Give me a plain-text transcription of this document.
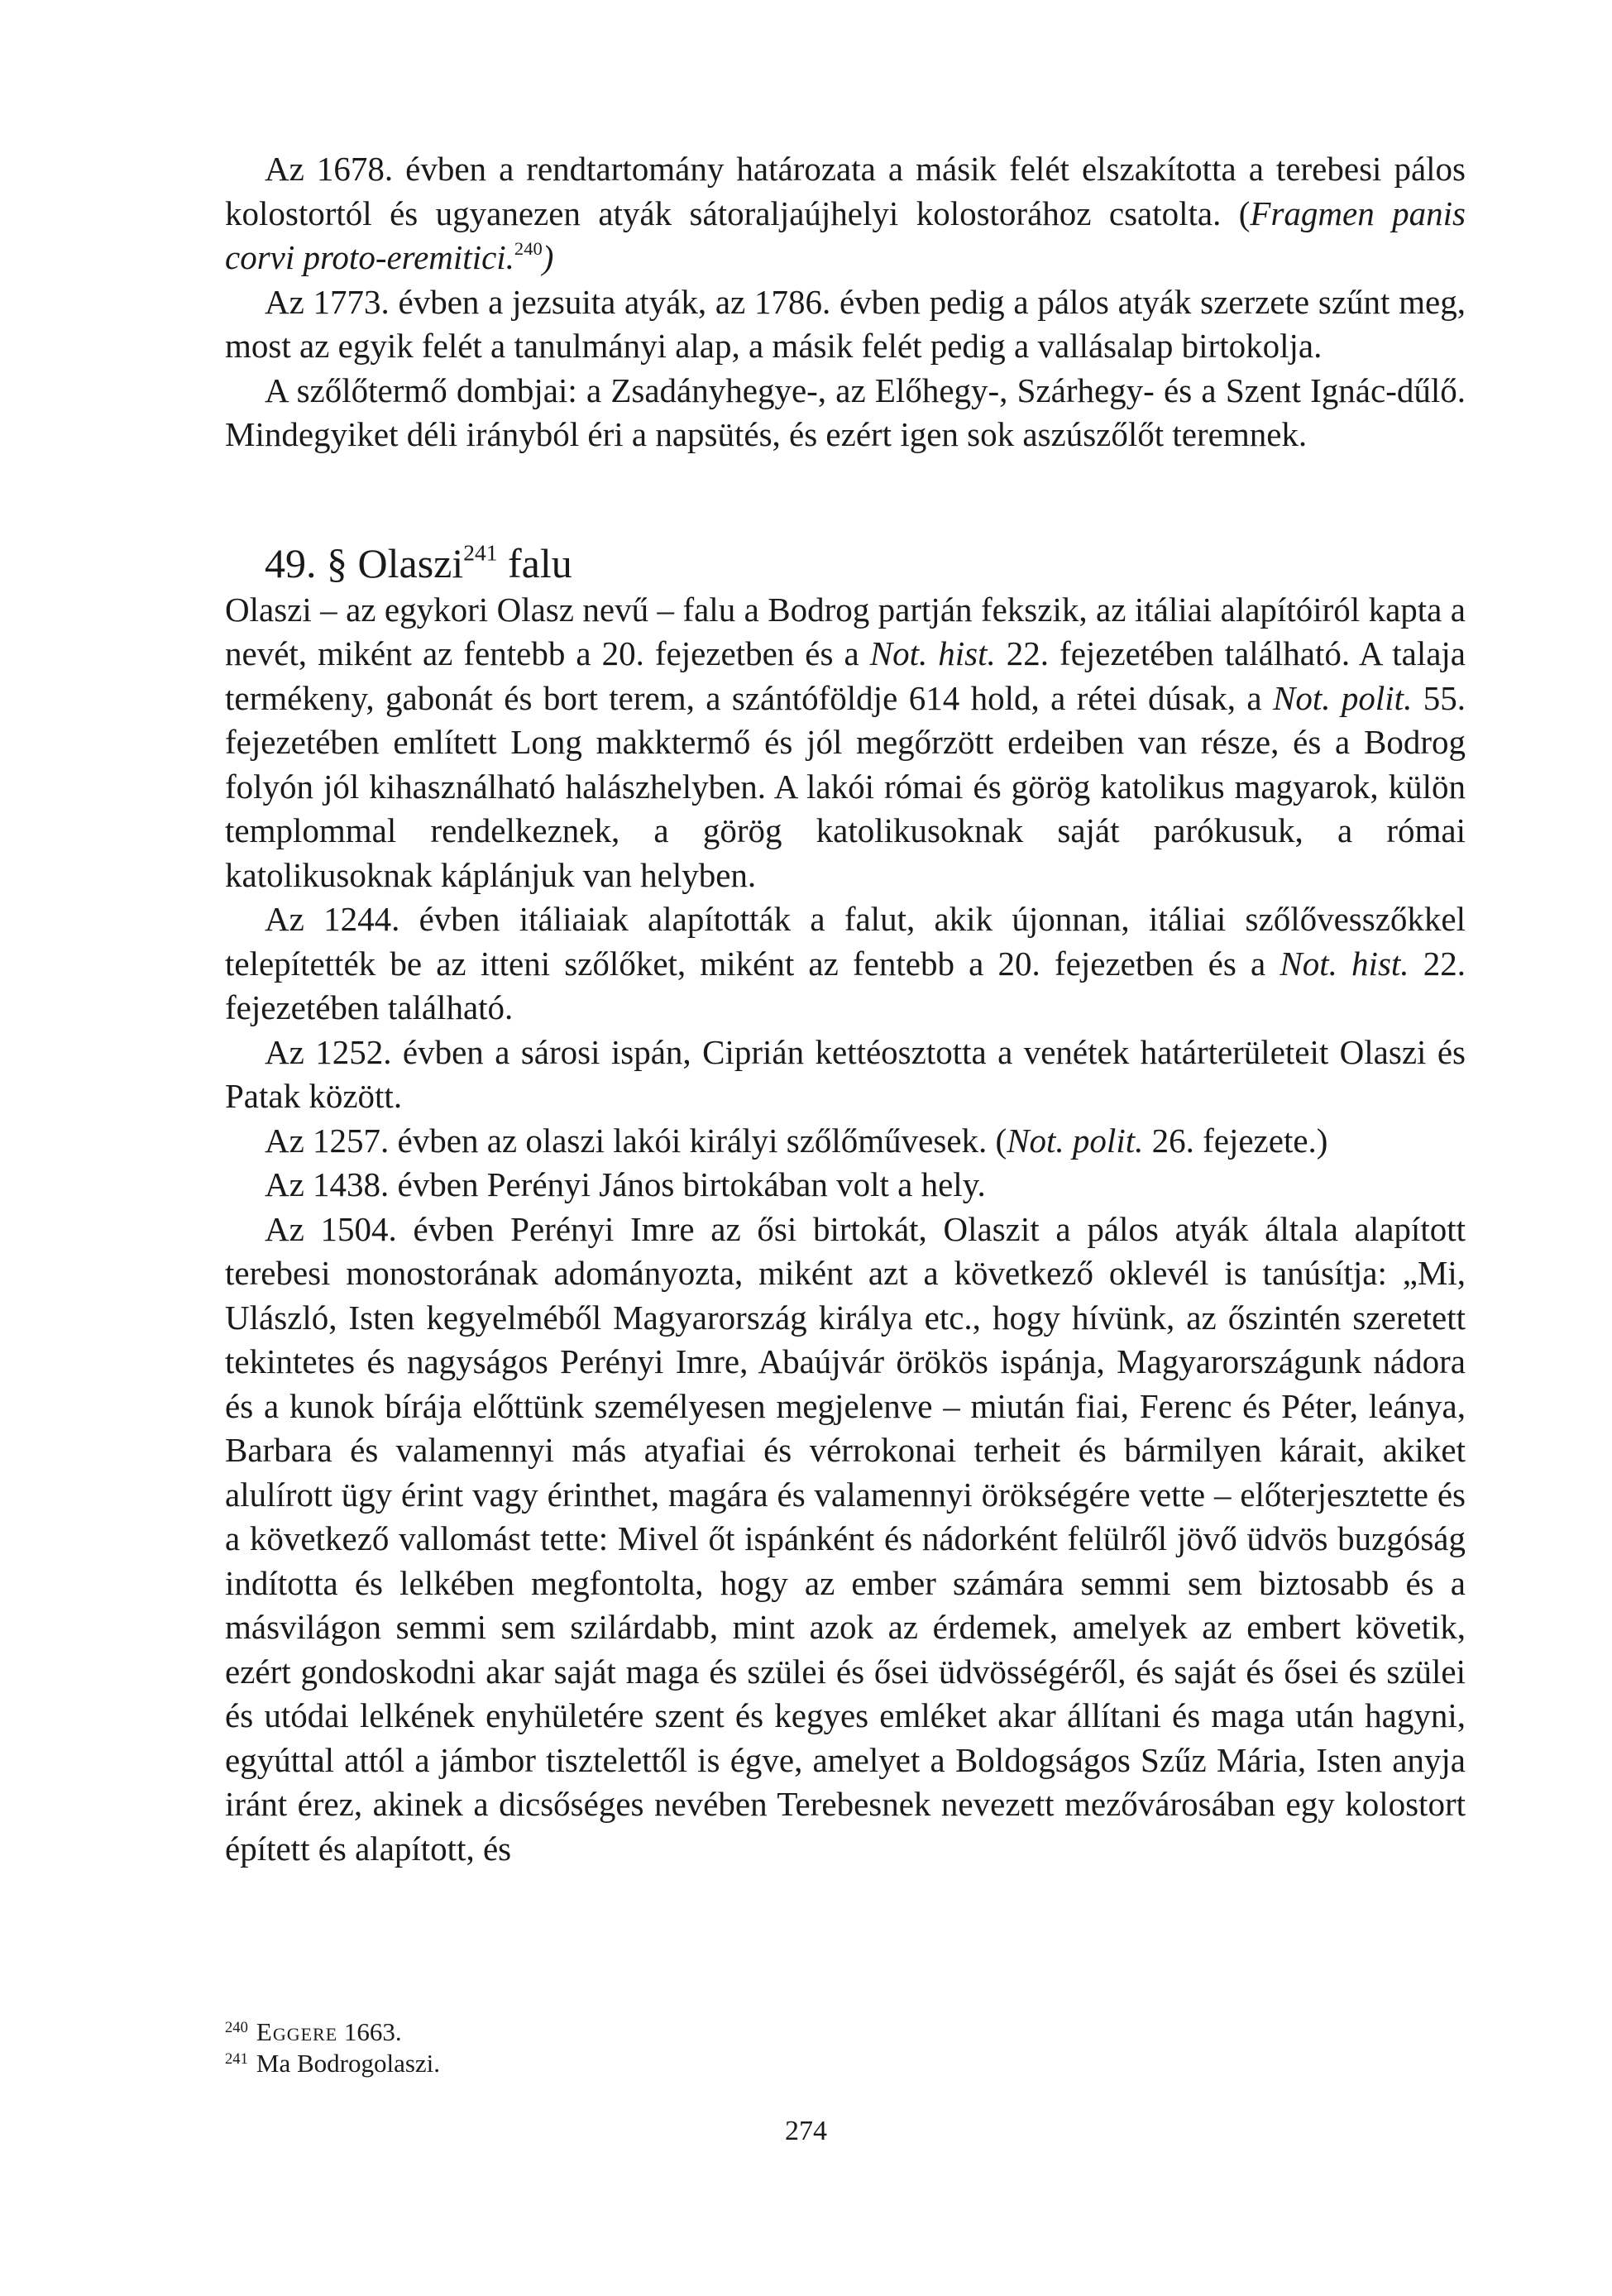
Az 1678. évben a rendtartomány határozata a másik felét elszakította a terebesi pálos kolostortól és ugyanezen atyák sátoraljaújhelyi kolostorához csatolta. (Fragmen panis corvi proto-eremitici.$^{240}$)

Az 1773. évben a jezsuita atyák, az 1786. évben pedig a pálos atyák szerzete szűnt meg, most az egyik felét a tanulmányi alap, a másik felét pedig a vallásalap birtokolja.

A szőlőtermő dombjai: a Zsadányhegye-, az Előhegy-, Szárhegy- és a Szent Ignác-dűlő. Mindegyiket déli irányból éri a napsütés, és ezért igen sok aszúszőlőt teremnek.

49. § Olaszi$^{241}$ falu

Olaszi – az egykori Olasz nevű – falu a Bodrog partján fekszik, az itáliai alapítóiról kapta a nevét, miként az fentebb a 20. fejezetben és a Not. hist. 22. fejezetében található. A talaja termékeny, gabonát és bort terem, a szántóföldje 614 hold, a rétei dúsak, a Not. polit. 55. fejezetében említett Long makktermő és jól megőrzött erdeiben van része, és a Bodrog folyón jól kihasználható halászhelyben. A lakói római és görög katolikus magyarok, külön templommal rendelkeznek, a görög katolikusoknak saját parókusuk, a római katolikusoknak káplánjuk van helyben.

Az 1244. évben itáliaiak alapították a falut, akik újonnan, itáliai szőlővesszőkkel telepítették be az itteni szőlőket, miként az fentebb a 20. fejezetben és a Not. hist. 22. fejezetében található.

Az 1252. évben a sárosi ispán, Ciprián kettéosztotta a venétek határterületeit Olaszi és Patak között.

Az 1257. évben az olaszi lakói királyi szőlőművesek. (Not. polit. 26. fejezete.)

Az 1438. évben Perényi János birtokában volt a hely.

Az 1504. évben Perényi Imre az ősi birtokát, Olaszit a pálos atyák általa alapított terebesi monostorának adományozta, miként azt a következő oklevél is tanúsítja: „Mi, Ulászló, Isten kegyelméből Magyarország királya etc., hogy hívünk, az őszintén szeretett tekintetes és nagyságos Perényi Imre, Abaújvár örökös ispánja, Magyarországunk nádora és a kunok bírája előttünk személyesen megjelenve – miután fiai, Ferenc és Péter, leánya, Barbara és valamennyi más atyafiai és vérrokonai terheit és bármilyen kárait, akiket alulírott ügy érint vagy érinthet, magára és valamennyi örökségére vette – előterjesztette és a következő vallomást tette: Mivel őt ispánként és nádorként felülről jövő üdvös buzgóság indította és lelkében megfontolta, hogy az ember számára semmi sem biztosabb és a másvilágon semmi sem szilárdabb, mint azok az érdemek, amelyek az embert követik, ezért gondoskodni akar saját maga és szülei és ősei üdvösségéről, és saját és ősei és szülei és utódai lelkének enyhületére szent és kegyes emléket akar állítani és maga után hagyni, egyúttal attól a jámbor tisztelettől is égve, amelyet a Boldogságos Szűz Mária, Isten anyja iránt érez, akinek a dicsőséges nevében Terebesnek nevezett mezővárosában egy kolostort épített és alapított, és

$^{240}$ Eggere 1663.

$^{241}$ Ma Bodrogolaszi.

274
